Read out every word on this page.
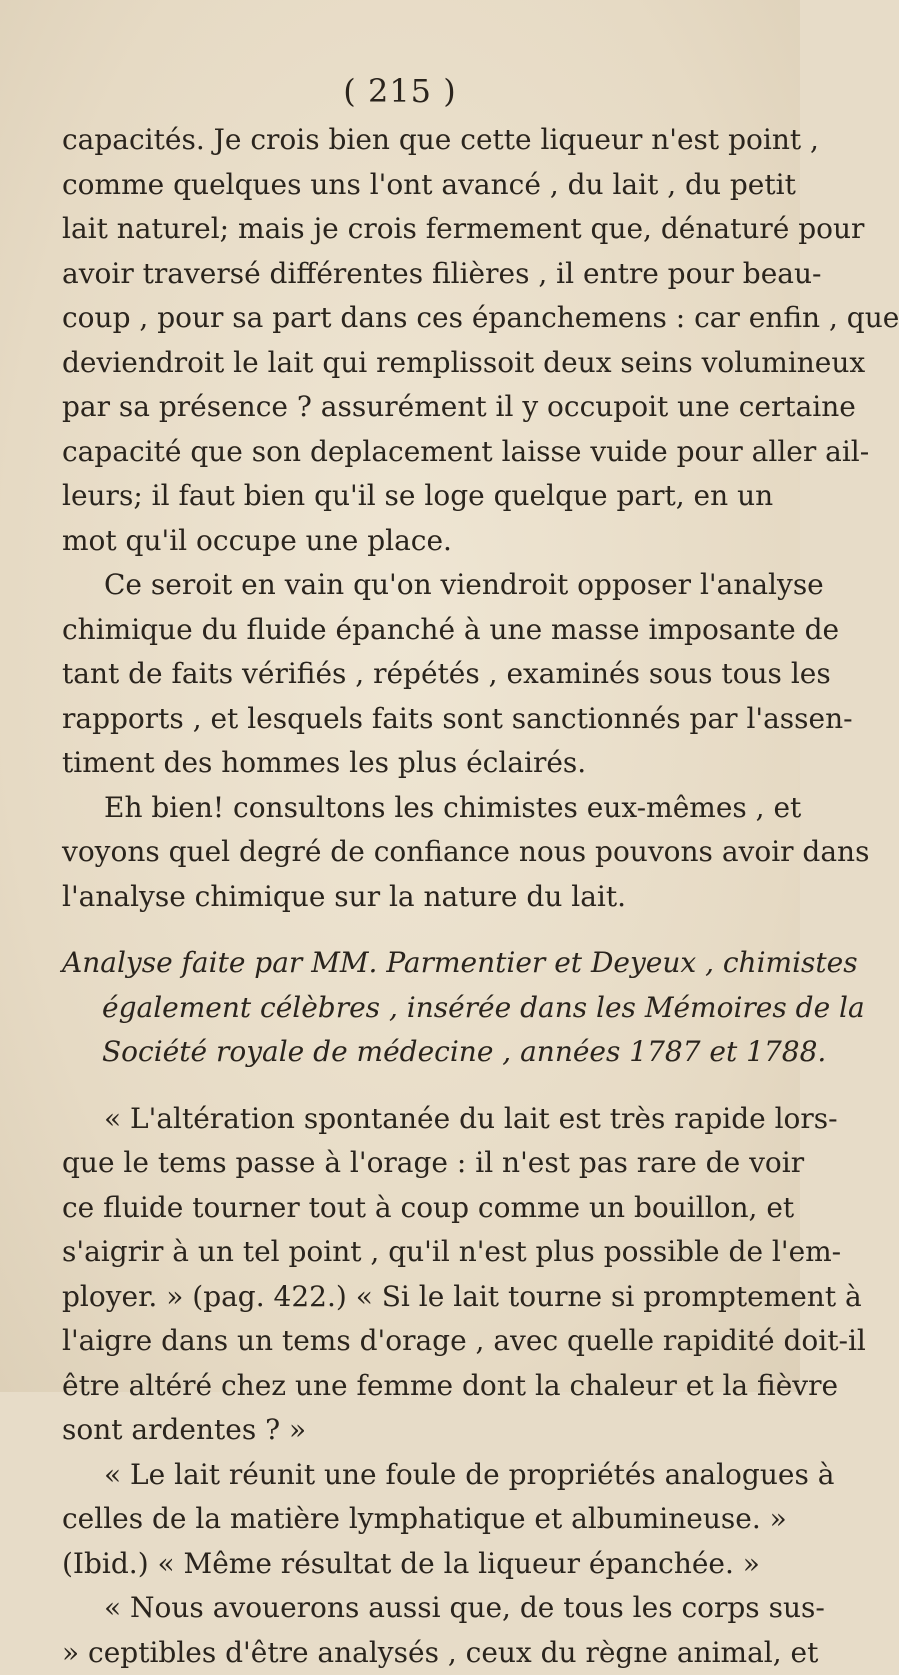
( 215 )
capacités. Je crois bien que cette liqueur n'est point ,
comme quelques uns l'ont avancé , du lait , du petit
lait naturel; mais je crois fermement que, dénaturé pour
avoir traversé différentes filières , il entre pour beau-
coup , pour sa part dans ces épanchemens : car enfin , que
deviendroit le lait qui remplissoit deux seins volumineux
par sa présence ? assurément il y occupoit une certaine
capacité que son deplacement laisse vuide pour aller ail-
leurs; il faut bien qu'il se loge quelque part, en un
mot qu'il occupe une place.
Ce seroit en vain qu'on viendroit opposer l'analyse
chimique du fluide épanché à une masse imposante de
tant de faits vérifiés , répétés , examinés sous tous les
rapports , et lesquels faits sont sanctionnés par l'assen-
timent des hommes les plus éclairés.
Eh bien! consultons les chimistes eux-mêmes , et
voyons quel degré de confiance nous pouvons avoir dans
l'analyse chimique sur la nature du lait.
Analyse faite par MM. Parmentier et Deyeux , chimistes
également célèbres , insérée dans les Mémoires de la
Société royale de médecine , années 1787 et 1788.
« L'altération spontanée du lait est très rapide lors-
que le tems passe à l'orage : il n'est pas rare de voir
ce fluide tourner tout à coup comme un bouillon, et
s'aigrir à un tel point , qu'il n'est plus possible de l'em-
ployer. » (pag. 422.) « Si le lait tourne si promptement à
l'aigre dans un tems d'orage , avec quelle rapidité doit-il
être altéré chez une femme dont la chaleur et la fièvre
sont ardentes ? »
« Le lait réunit une foule de propriétés analogues à
celles de la matière lymphatique et albumineuse. »
(Ibid.) « Même résultat de la liqueur épanchée. »
« Nous avouerons aussi que, de tous les corps sus-
» ceptibles d'être analysés , ceux du règne animal, et
